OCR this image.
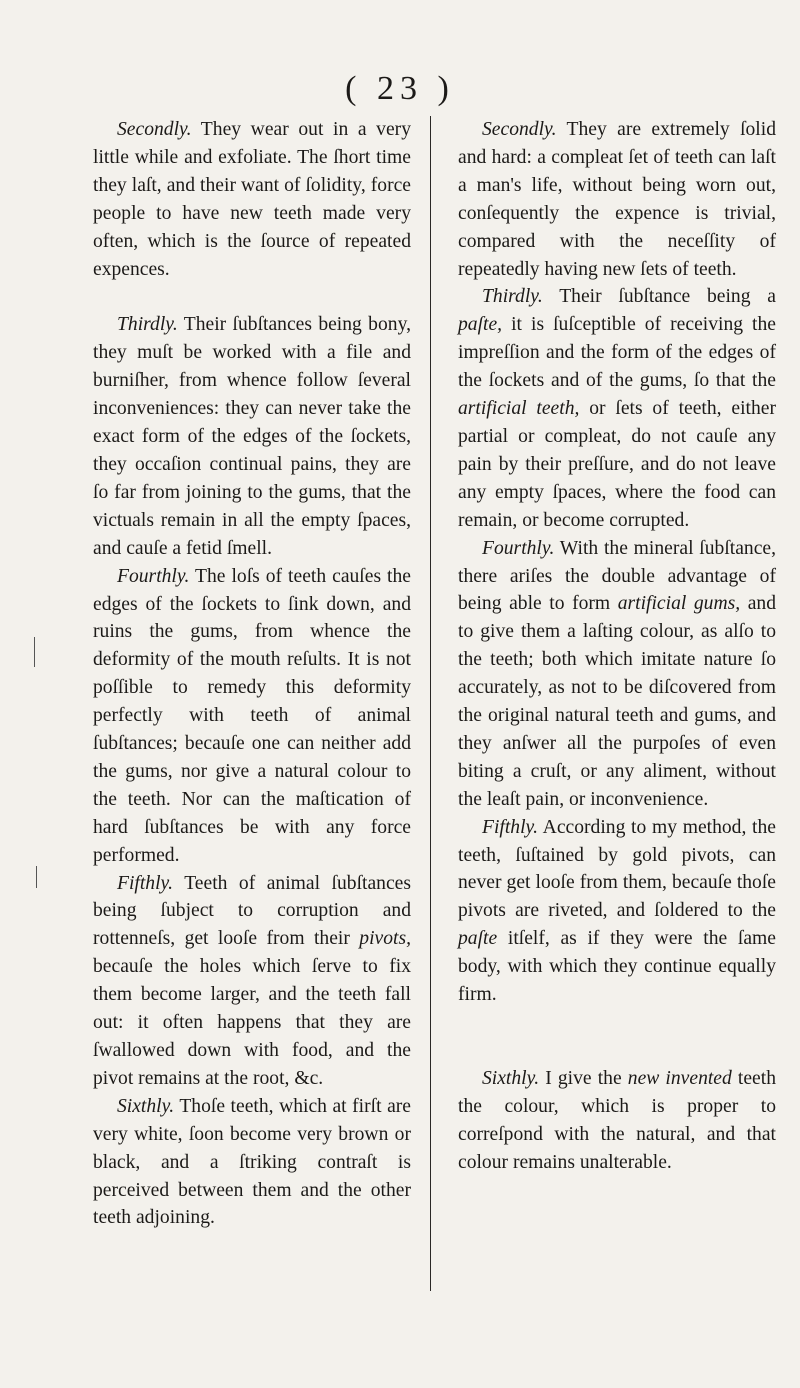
( 23 )

Secondly. They wear out in a very little while and exfoliate. The ſhort time they laſt, and their want of ſolidity, force people to have new teeth made very often, which is the ſource of repeated expences.

Thirdly. Their ſubſtances being bony, they muſt be worked with a file and burniſher, from whence follow ſeveral inconveniences: they can never take the exact form of the edges of the ſockets, they occaſion continual pains, they are ſo far from joining to the gums, that the victuals remain in all the empty ſpaces, and cauſe a fetid ſmell.

Fourthly. The loſs of teeth cauſes the edges of the ſockets to ſink down, and ruins the gums, from whence the deformity of the mouth reſults. It is not poſſible to remedy this deformity perfectly with teeth of animal ſubſtances; becauſe one can neither add the gums, nor give a natural colour to the teeth. Nor can the maſtication of hard ſubſtances be with any force performed.

Fifthly. Teeth of animal ſubſtances being ſubject to corruption and rottenneſs, get looſe from their pivots, becauſe the holes which ſerve to fix them become larger, and the teeth fall out: it often happens that they are ſwallowed down with food, and the pivot remains at the root, &c.

Sixthly. Thoſe teeth, which at firſt are very white, ſoon become very brown or black, and a ſtriking contraſt is perceived between them and the other teeth adjoining.

Secondly. They are extremely ſolid and hard: a compleat ſet of teeth can laſt a man's life, without being worn out, conſequently the expence is trivial, compared with the neceſſity of repeatedly having new ſets of teeth.

Thirdly. Their ſubſtance being a paſte, it is ſuſceptible of receiving the impreſſion and the form of the edges of the ſockets and of the gums, ſo that the artificial teeth, or ſets of teeth, either partial or compleat, do not cauſe any pain by their preſſure, and do not leave any empty ſpaces, where the food can remain, or become corrupted.

Fourthly. With the mineral ſubſtance, there ariſes the double advantage of being able to form artificial gums, and to give them a laſting colour, as alſo to the teeth; both which imitate nature ſo accurately, as not to be diſcovered from the original natural teeth and gums, and they anſwer all the purpoſes of even biting a cruſt, or any aliment, without the leaſt pain, or inconvenience.

Fifthly. According to my method, the teeth, ſuſtained by gold pivots, can never get looſe from them, becauſe thoſe pivots are riveted, and ſoldered to the paſte itſelf, as if they were the ſame body, with which they continue equally firm.

Sixthly. I give the new invented teeth the colour, which is proper to correſpond with the natural, and that colour remains unalterable.
